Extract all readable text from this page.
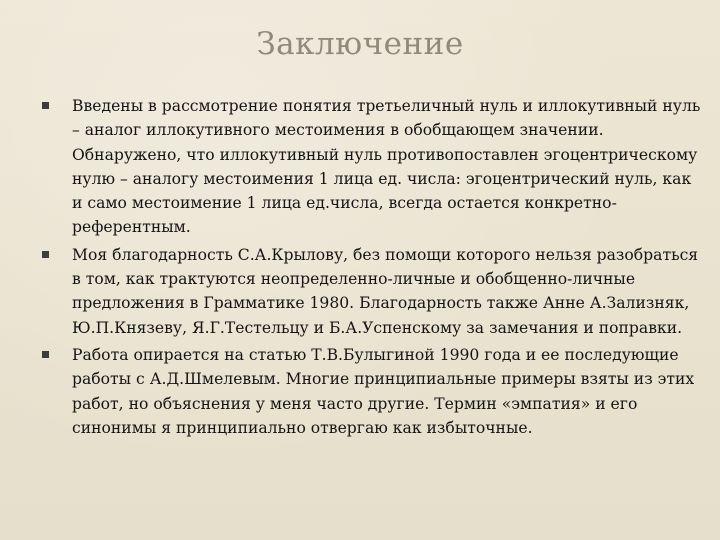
Заключение
Введены в рассмотрение понятия третьеличный нуль и иллокутивный нуль – аналог иллокутивного местоимения в обобщающем значении. Обнаружено, что иллокутивный нуль противопоставлен эгоцентрическому нулю – аналогу местоимения 1 лица ед. числа: эгоцентрический нуль, как и само местоимение 1 лица ед.числа, всегда остается конкретно-референтным.
Моя благодарность С.А.Крылову, без помощи которого нельзя разобраться в том, как трактуются неопределенно-личные и обобщенно-личные предложения в Грамматике 1980. Благодарность также Анне А.Зализняк, Ю.П.Князеву, Я.Г.Тестельцу и Б.А.Успенскому за замечания и поправки.
Работа опирается на статью Т.В.Булыгиной 1990 года и ее последующие работы с А.Д.Шмелевым. Многие принципиальные примеры взяты из этих работ, но объяснения у меня часто другие. Термин «эмпатия» и его синонимы я принципиально отвергаю как избыточные.
